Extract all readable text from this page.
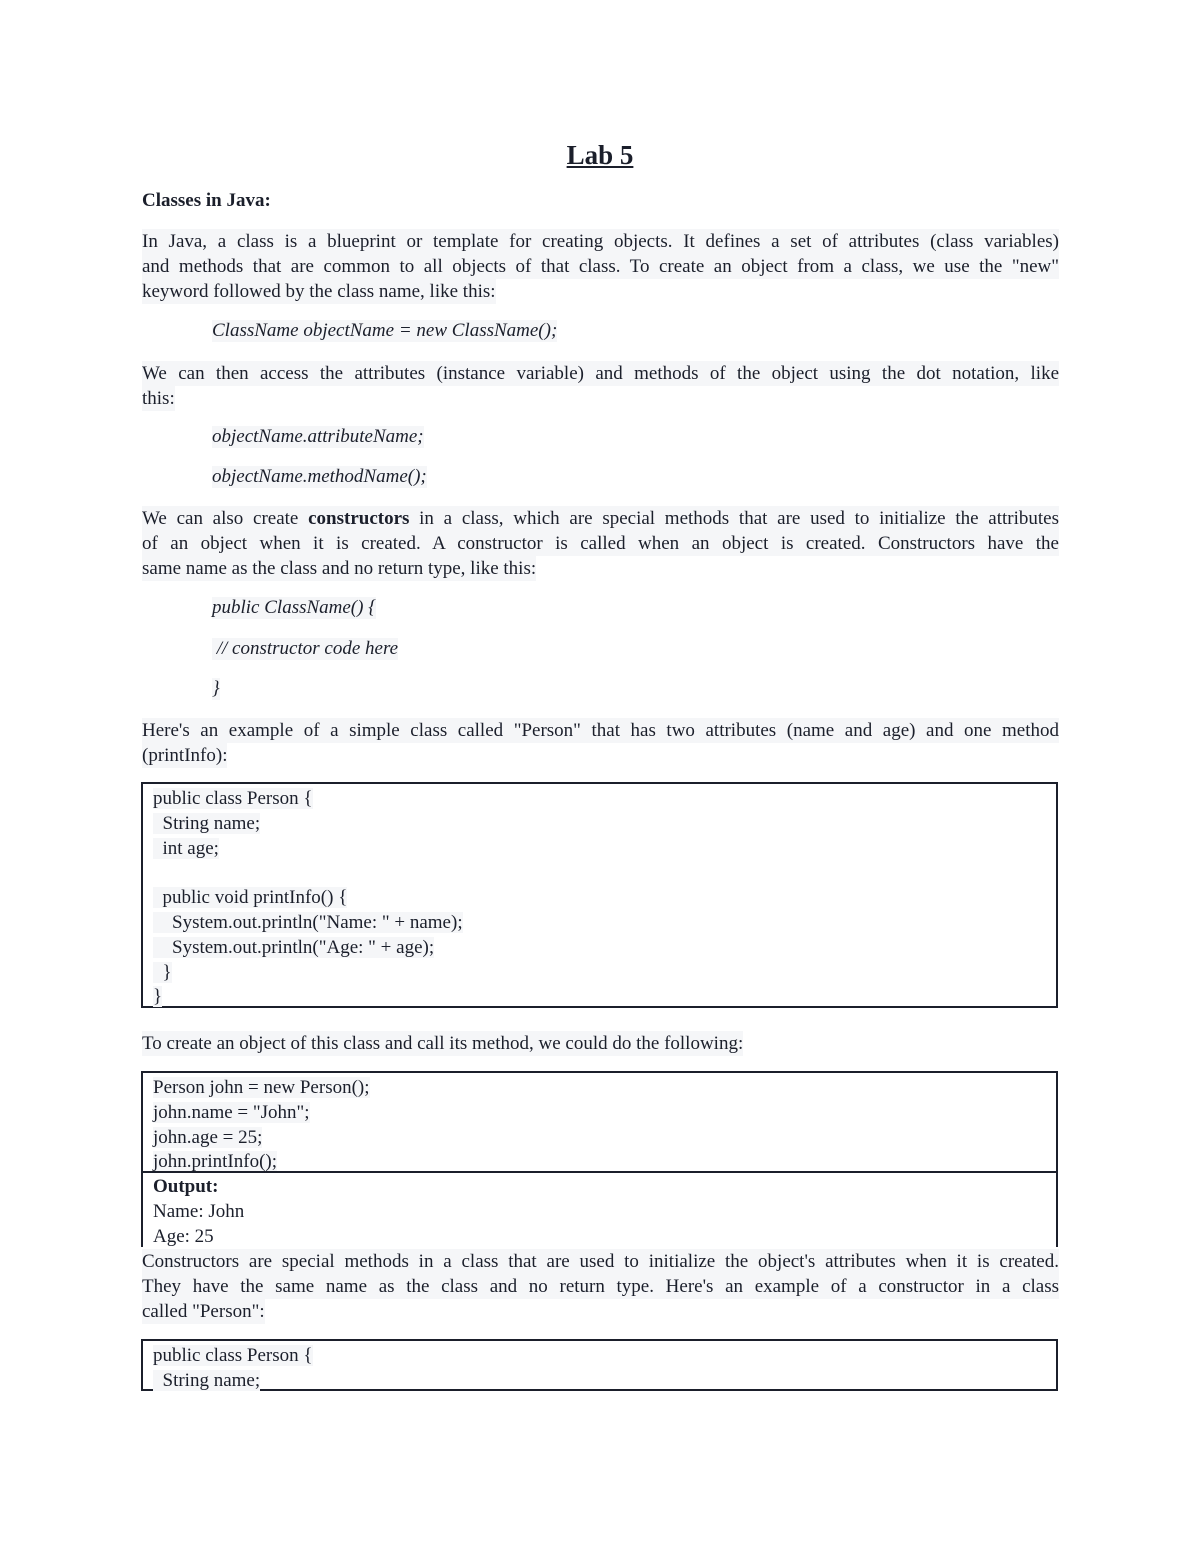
Lab 5

Classes in Java:

In Java, a class is a blueprint or template for creating objects. It defines a set of attributes (class variables)
and methods that are common to all objects of that class. To create an object from a class, we use the "new"
keyword followed by the class name, like this:

ClassName objectName = new ClassName();

We can then access the attributes (instance variable) and methods of the object using the dot notation, like
this:

objectName.attributeName;

objectName.methodName();

We can also create constructors in a class, which are special methods that are used to initialize the attributes
of an object when it is created. A constructor is called when an object is created. Constructors have the
same name as the class and no return type, like this:

public ClassName() {

// constructor code here

}

Here's an example of a simple class called "Person" that has two attributes (name and age) and one method
(printInfo):

public class Person {
String name;
int age;
public void printInfo() {
System.out.println("Name: " + name);
System.out.println("Age: " + age);
}
}

To create an object of this class and call its method, we could do the following:

Person john = new Person();
john.name = "John";
john.age = 25;
john.printInfo();
Output:
Name: John
Age: 25

Constructors are special methods in a class that are used to initialize the object's attributes when it is created.
They have the same name as the class and no return type. Here's an example of a constructor in a class
called "Person":

public class Person {
String name;
